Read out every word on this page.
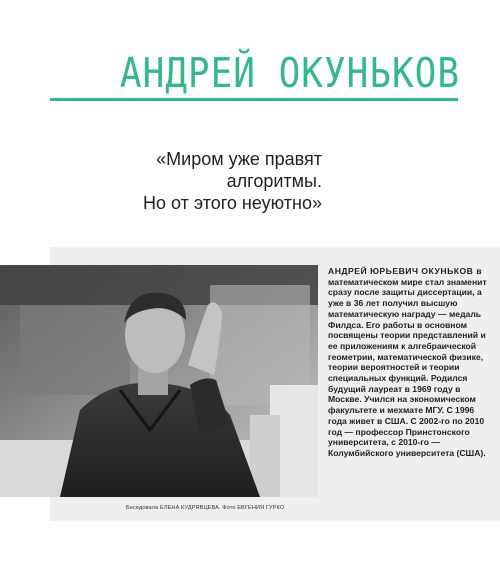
АНДРЕЙ ОКУНЬКОВ
«Миром уже правят
алгоритмы.
Но от этого неуютно»
АНДРЕЙ ЮРЬЕВИЧ ОКУНЬКОВ в математическом мире стал знаменит сразу после защиты диссертации, а уже в 36 лет получил высшую математическую награду — медаль Филдса. Его работы в основном посвящены теории представлений и ее приложениям к алгебраической геометрии, математической физике, теории вероятностей и теории специальных функций. Родился будущий лауреат в 1969 году в Москве. Учился на экономическом факультете и мехмате МГУ. С 1996 года живет в США. С 2002-го по 2010 год — профессор Принстонского университета, с 2010-го — Колумбийского университета (США).
Беседовала ЕЛЕНА КУДРЯВЦЕВА. Фото ЕВГЕНИЯ ГУРКО
